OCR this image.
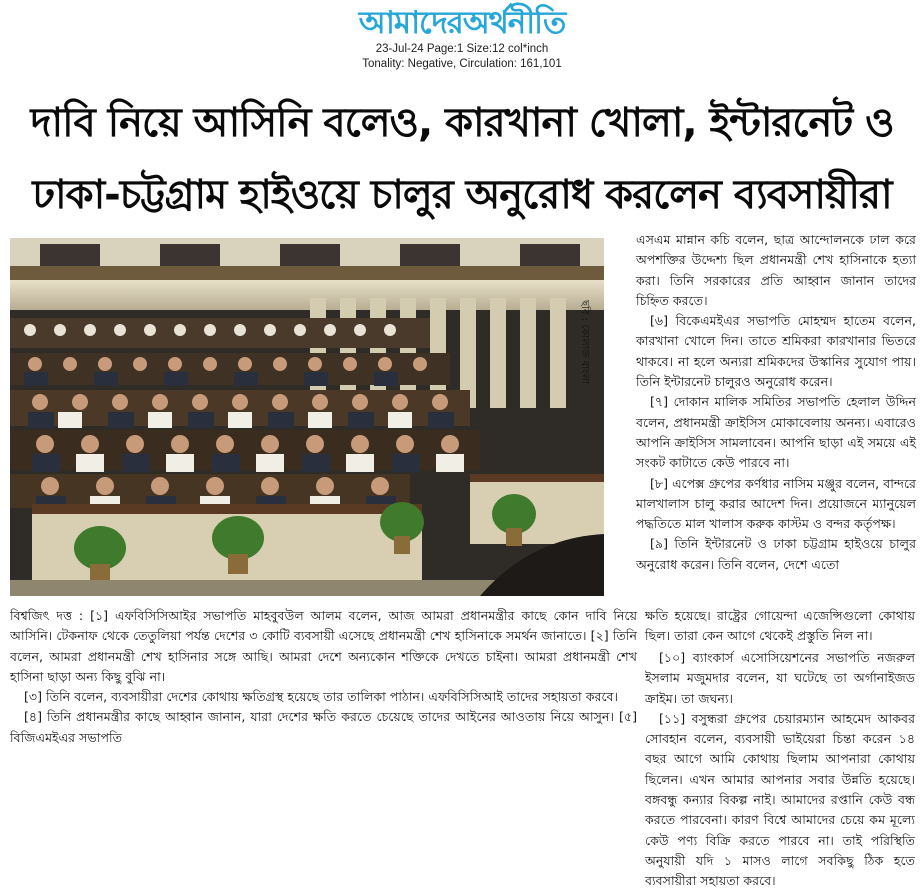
আমাদেরঅর্থনীতি
23-Jul-24 Page:1 Size:12 col*inch
Tonality: Negative, Circulation: 161,101
দাবি নিয়ে আসিনি বলেও, কারখানা খোলা, ইন্টারনেট ও
ঢাকা-চট্টগ্রাম হাইওয়ে চালুর অনুরোধ করলেন ব্যবসায়ীরা
ছবি : কোলাজ বাংলা

এসএম মান্নান কচি বলেন, ছাত্র আন্দোলনকে ঢাল করে অপশক্তির উদ্দেশ্য ছিল প্রধানমন্ত্রী শেখ হাসিনাকে হত্যা করা। তিনি সরকারের প্রতি আহ্বান জানান তাদের চিহ্নিত করতে।

[৬] বিকেএমইএর সভাপতি মোহম্মদ হাতেম বলেন, কারখানা খোলে দিন। তাতে শ্রমিকরা কারখানার ভিতরে থাকবে। না হলে অন্যরা শ্রমিকদের উস্কানির সুযোগ পায়। তিনি ইন্টারনেট চালুরও অনুরোধ করেন।

[৭] দোকান মালিক সমিতির সভাপতি হেলাল উদ্দিন বলেন, প্রধানমন্ত্রী ক্রাইসিস মোকাবেলায় অনন্য। এবারেও আপনি ক্রাইসিস সামলাবেন। আপনি ছাড়া এই সময়ে এই সংকট কাটাতে কেউ পারবে না।

[৮] এপেক্স গ্রুপের কর্ণধার নাসিম মঞ্জুর বলেন, বান্দরে মালখালাস চালু করার আদেশ দিন। প্রয়োজনে ম্যানুয়েল পদ্ধতিতে মাল খালাস করুক কাস্টম ও বন্দর কর্তৃপক্ষ।

[৯] তিনি ইন্টারনেট ও ঢাকা চট্টগ্রাম হাইওয়ে চালুর অনুরোধ করেন। তিনি বলেন, দেশে এতো

বিশ্বজিৎ দত্ত : [১] এফবিসিসিআইর সভাপতি মাহবুবউল আলম বলেন, আজ আমরা প্রধানমন্ত্রীর কাছে কোন দাবি নিয়ে আসিনি। টেকনাফ থেকে তেতুলিয়া পর্যন্ত দেশের ৩ কোটি ব্যবসায়ী এসেছে প্রধানমন্ত্রী শেখ হাসিনাকে সমর্থন জানাতে। [২] তিনি বলেন, আমরা প্রধানমন্ত্রী শেখ হাসিনার সঙ্গে আছি। আমরা দেশে অন্যকোন শক্তিকে দেখতে চাইনা। আমরা প্রধানমন্ত্রী শেখ হাসিনা ছাড়া অন্য কিছু বুঝি না।

[৩] তিনি বলেন, ব্যবসায়ীরা দেশের কোথায় ক্ষতিগ্রস্থ হয়েছে তার তালিকা পাঠান। এফবিসিসিআই তাদের সহায়তা করবে।

[৪] তিনি প্রধানমন্ত্রীর কাছে আহ্বান জানান, যারা দেশের ক্ষতি করতে চেয়েছে তাদের আইনের আওতায় নিয়ে আসুন। [৫] বিজিএমইএর সভাপতি

ক্ষতি হয়েছে। রাষ্ট্রের গোয়েন্দা এজেন্সিগুলো কোথায় ছিল। তারা কেন আগে থেকেই প্রস্তুতি নিল না।

[১০] ব্যাংকার্স এসোসিয়েশনের সভাপতি নজরুল ইসলাম মজুমদার বলেন, যা ঘটেছে তা অর্গানাইজড ক্রাইম। তা জঘন্য।

[১১] বসুন্ধরা গ্রুপের চেয়ারম্যান আহমেদ আকবর সোবহান বলেন, ব্যবসায়ী ভাইয়েরা চিন্তা করেন ১৪ বছর আগে আমি কোথায় ছিলাম আপনারা কোথায় ছিলেন। এখন আমার আপনার সবার উন্নতি হয়েছে। বঙ্গবন্ধু কন্যার বিকল্প নাই। আমাদের রপ্তানি কেউ বন্ধ করতে পারবেনা। কারণ বিশ্বে আমাদের চেয়ে কম মূল্যে কেউ পণ্য বিক্রি করতে পারবে না। তাই পরিস্থিতি অনুযায়ী যদি ১ মাসও লাগে সবকিছু ঠিক হতে ব্যবসায়ীরা সহায়তা করবে।
